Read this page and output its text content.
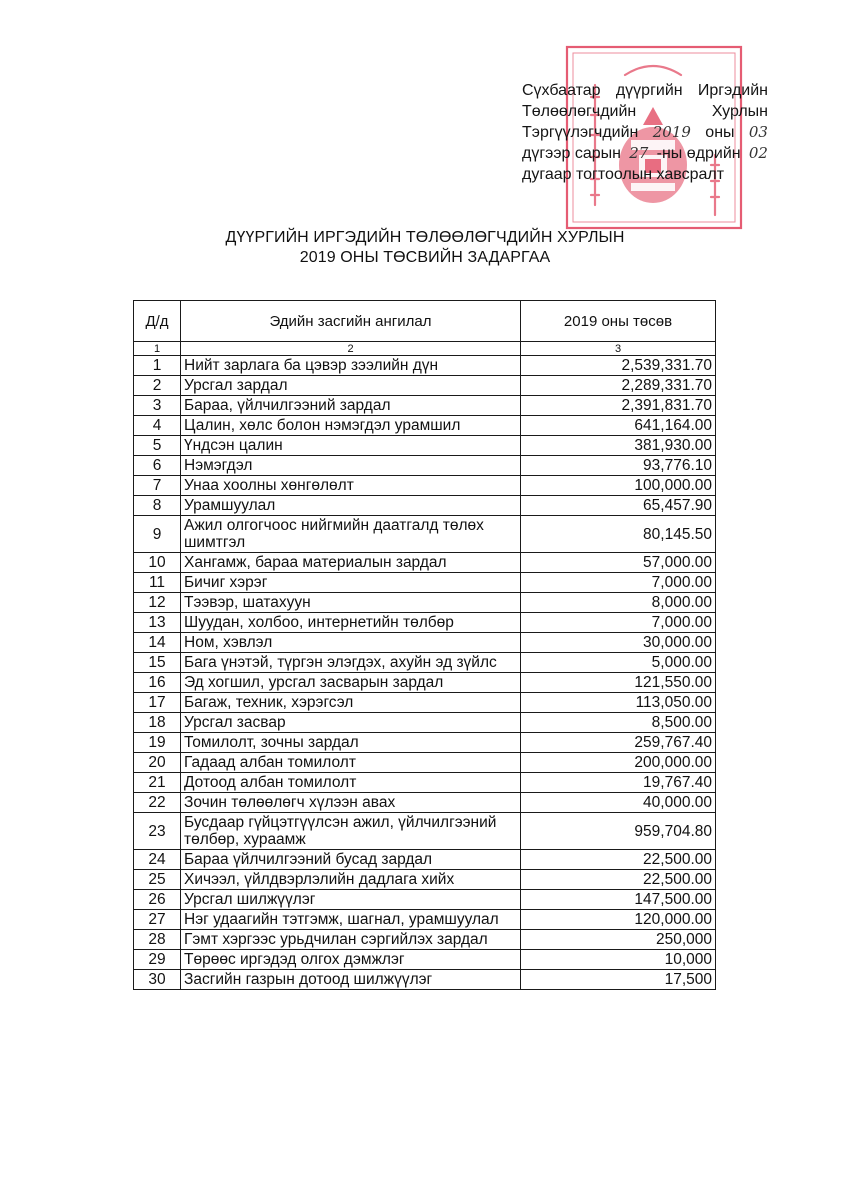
Сүхбаатар дүүргийн Иргэдийн
Төлөөлөгчдийн	Хурлын
Тэргүүлэгчдийн 2019 оны 03
дүгээр сарын 27 -ны өдрийн 02
дугаар тогтоолын хавсралт
ДҮҮРГИЙН ИРГЭДИЙН ТӨЛӨӨЛӨГЧДИЙН ХУРЛЫН
2019 ОНЫ ТӨСВИЙН ЗАДАРГАА
Д/д	Эдийн засгийн ангилал	2019 оны төсөв
1	2	3
1	Нийт зарлага ба цэвэр зээлийн дүн	2,539,331.70
2	Урсгал зардал	2,289,331.70
3	Бараа, үйлчилгээний зардал	2,391,831.70
4	Цалин, хөлс болон нэмэгдэл урамшил	641,164.00
5	Үндсэн цалин	381,930.00
6	Нэмэгдэл	93,776.10
7	Унаа хоолны хөнгөлөлт	100,000.00
8	Урамшуулал	65,457.90
9	Ажил олгогчоос нийгмийн даатгалд төлөх шимтгэл	80,145.50
10	Хангамж, бараа материалын зардал	57,000.00
11	Бичиг хэрэг	7,000.00
12	Тээвэр, шатахуун	8,000.00
13	Шуудан, холбоо, интернетийн төлбөр	7,000.00
14	Ном, хэвлэл	30,000.00
15	Бага үнэтэй, түргэн элэгдэх, ахуйн эд зүйлс	5,000.00
16	Эд хогшил, урсгал засварын зардал	121,550.00
17	Багаж, техник, хэрэгсэл	113,050.00
18	Урсгал засвар	8,500.00
19	Томилолт, зочны зардал	259,767.40
20	Гадаад албан томилолт	200,000.00
21	Дотоод албан томилолт	19,767.40
22	Зочин төлөөлөгч хүлээн авах	40,000.00
23	Бусдаар гүйцэтгүүлсэн ажил, үйлчилгээний төлбөр, хураамж	959,704.80
24	Бараа үйлчилгээний бусад зардал	22,500.00
25	Хичээл, үйлдвэрлэлийн дадлага хийх	22,500.00
26	Урсгал шилжүүлэг	147,500.00
27	Нэг удаагийн тэтгэмж, шагнал, урамшуулал	120,000.00
28	Гэмт хэргээс урьдчилан сэргийлэх зардал	250,000
29	Төрөөс иргэдэд олгох дэмжлэг	10,000
30	Засгийн газрын дотоод шилжүүлэг	17,500
